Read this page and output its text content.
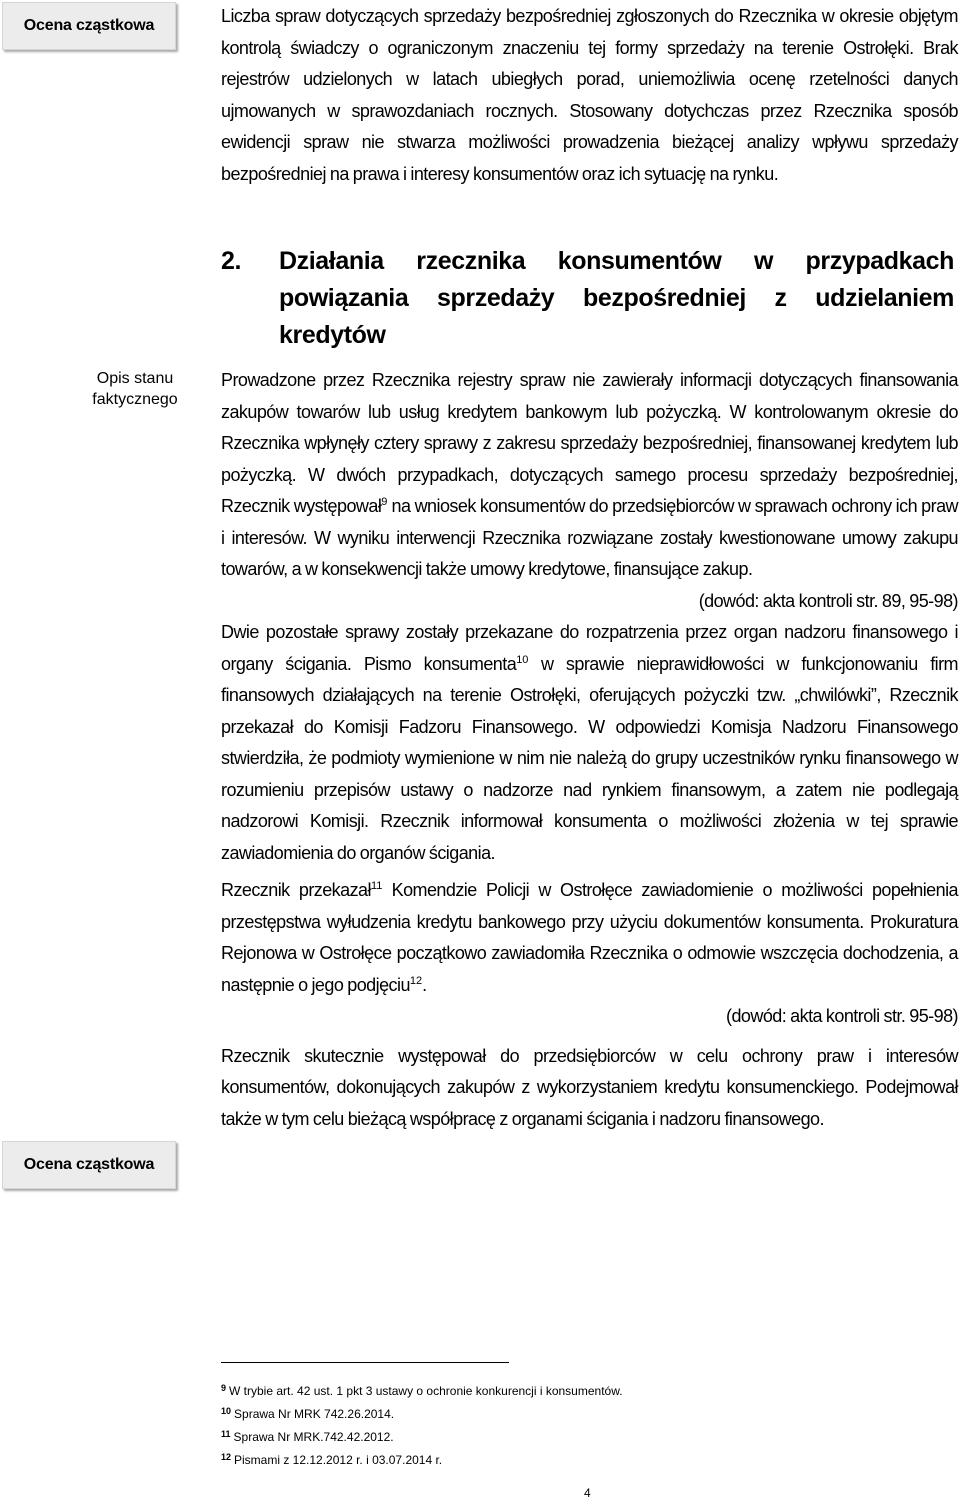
Ocena cząstkowa
Opis stanu faktycznego
Ocena cząstkowa

Liczba spraw dotyczących sprzedaży bezpośredniej zgłoszonych do Rzecznika w okresie objętym kontrolą świadczy o ograniczonym znaczeniu tej formy sprzedaży na terenie Ostrołęki. Brak rejestrów udzielonych w latach ubiegłych porad, uniemożliwia ocenę rzetelności danych ujmowanych w sprawozdaniach rocznych. Stosowany dotychczas przez Rzecznika sposób ewidencji spraw nie stwarza możliwości prowadzenia bieżącej analizy wpływu sprzedaży bezpośredniej na prawa i interesy konsumentów oraz ich sytuację na rynku.

2. Działania rzecznika konsumentów w przypadkach powiązania sprzedaży bezpośredniej z udzielaniem kredytów

Prowadzone przez Rzecznika rejestry spraw nie zawierały informacji dotyczących finansowania zakupów towarów lub usług kredytem bankowym lub pożyczką. W kontrolowanym okresie do Rzecznika wpłynęły cztery sprawy z zakresu sprzedaży bezpośredniej, finansowanej kredytem lub pożyczką. W dwóch przypadkach, dotyczących samego procesu sprzedaży bezpośredniej, Rzecznik występował$^9$ na wniosek konsumentów do przedsiębiorców w sprawach ochrony ich praw i interesów. W wyniku interwencji Rzecznika rozwiązane zostały kwestionowane umowy zakupu towarów, a w konsekwencji także umowy kredytowe, finansujące zakup.

(dowód: akta kontroli str. 89, 95-98)

Dwie pozostałe sprawy zostały przekazane do rozpatrzenia przez organ nadzoru finansowego i organy ścigania. Pismo konsumenta$^{10}$ w sprawie nieprawidłowości w funkcjonowaniu firm finansowych działających na terenie Ostrołęki, oferujących pożyczki tzw. „chwilówki”, Rzecznik przekazał do Komisji Fadzoru Finansowego. W odpowiedzi Komisja Nadzoru Finansowego stwierdziła, że podmioty wymienione w nim nie należą do grupy uczestników rynku finansowego w rozumieniu przepisów ustawy o nadzorze nad rynkiem finansowym, a zatem nie podlegają nadzorowi Komisji. Rzecznik informował konsumenta o możliwości złożenia w tej sprawie zawiadomienia do organów ścigania.

Rzecznik przekazał$^{11}$ Komendzie Policji w Ostrołęce zawiadomienie o możliwości popełnienia przestępstwa wyłudzenia kredytu bankowego przy użyciu dokumentów konsumenta. Prokuratura Rejonowa w Ostrołęce początkowo zawiadomiła Rzecznika o odmowie wszczęcia dochodzenia, a następnie o jego podjęciu$^{12}$.

(dowód: akta kontroli str. 95-98)

Rzecznik skutecznie występował do przedsiębiorców w celu ochrony praw i interesów konsumentów, dokonujących zakupów z wykorzystaniem kredytu konsumenckiego. Podejmował także w tym celu bieżącą współpracę z organami ścigania i nadzoru finansowego.

$^9$ W trybie art. 42 ust. 1 pkt 3 ustawy o ochronie konkurencji i konsumentów.
$^{10}$ Sprawa Nr MRK 742.26.2014.
$^{11}$ Sprawa Nr MRK.742.42.2012.
$^{12}$ Pismami z 12.12.2012 r. i 03.07.2014 r.
4
